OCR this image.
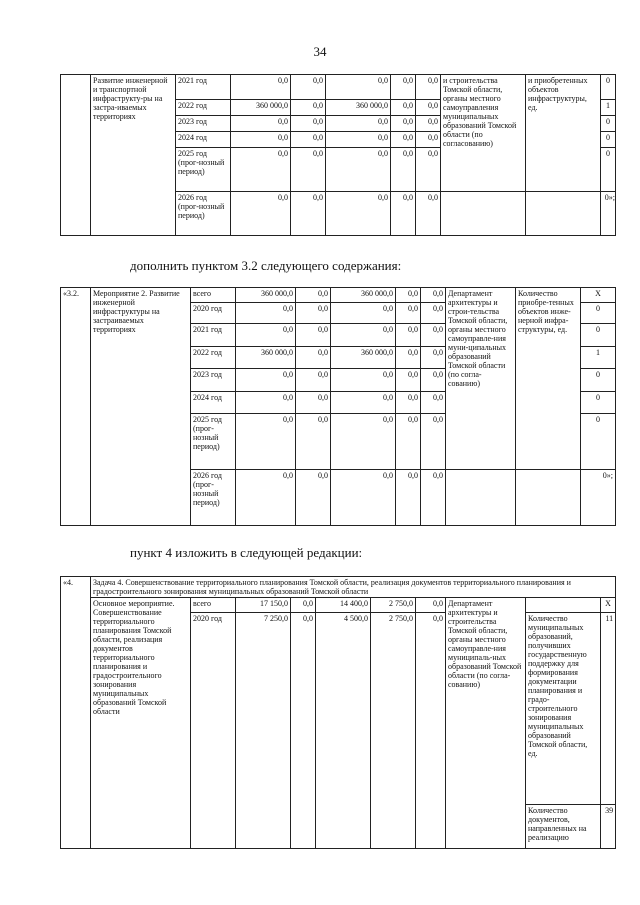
34
	Развитие инженерной и транспортной инфраструкту-ры на застра-иваемых территориях	2021 год	0,0	0,0	0,0	0,0	0,0	и строительства Томской области, органы местного самоуправления муниципальных образований Томской области (по согласованию)	и приобретенных объектов инфраструктуры, ед.	0
		2022 год	360 000,0	0,0	360 000,0	0,0	0,0			1
		2023 год	0,0	0,0	0,0	0,0	0,0			0
		2024 год	0,0	0,0	0,0	0,0	0,0			0
		2025 год (прог-нозный период)	0,0	0,0	0,0	0,0	0,0			0
		2026 год (прог-нозный период)	0,0	0,0	0,0	0,0	0,0			0»;
дополнить пунктом 3.2 следующего содержания:
«3.2.	Мероприятие 2. Развитие инженерной инфраструктуры на застраиваемых территориях	всего	360 000,0	0,0	360 000,0	0,0	0,0	Департамент архитектуры и строи-тельства Томской области, органы местного самоуправле-ния муни-ципальных образований Томской области (по согла-сованию)	Количество приобре-тенных объектов инже-нерной инфра-структуры, ед.	Х
		2020 год	0,0	0,0	0,0	0,0	0,0			0
		2021 год	0,0	0,0	0,0	0,0	0,0			0
		2022 год	360 000,0	0,0	360 000,0	0,0	0,0			1
		2023 год	0,0	0,0	0,0	0,0	0,0			0
		2024 год	0,0	0,0	0,0	0,0	0,0			0
		2025 год (прог-нозный период)	0,0	0,0	0,0	0,0	0,0			0
		2026 год (прог-нозный период)	0,0	0,0	0,0	0,0	0,0			0»;
пункт 4 изложить в следующей редакции:
«4.	Задача 4. Совершенствование территориального планирования Томской области, реализация документов территориального планирования и градостроительного зонирования муниципальных образований Томской области									
	Основное мероприятие. Совершенствование территориального планирования Томской области, реализация документов территориального планирования и градостроительного зонирования муниципальных образований Томской области	всего	17 150,0	0,0	14 400,0	2 750,0	0,0	Департамент архитектуры и строительства Томской области, органы местного самоуправле-ния муниципаль-ных образований Томской области (по согла-сованию)		Х
		2020 год	7 250,0	0,0	4 500,0	2 750,0	0,0		Количество муниципальных образований, получивших государственную поддержку для формирования документации планирования и градо-строительного зонирования муниципальных образований Томской области, ед.	11
									Количество документов, направленных на реализацию	39
